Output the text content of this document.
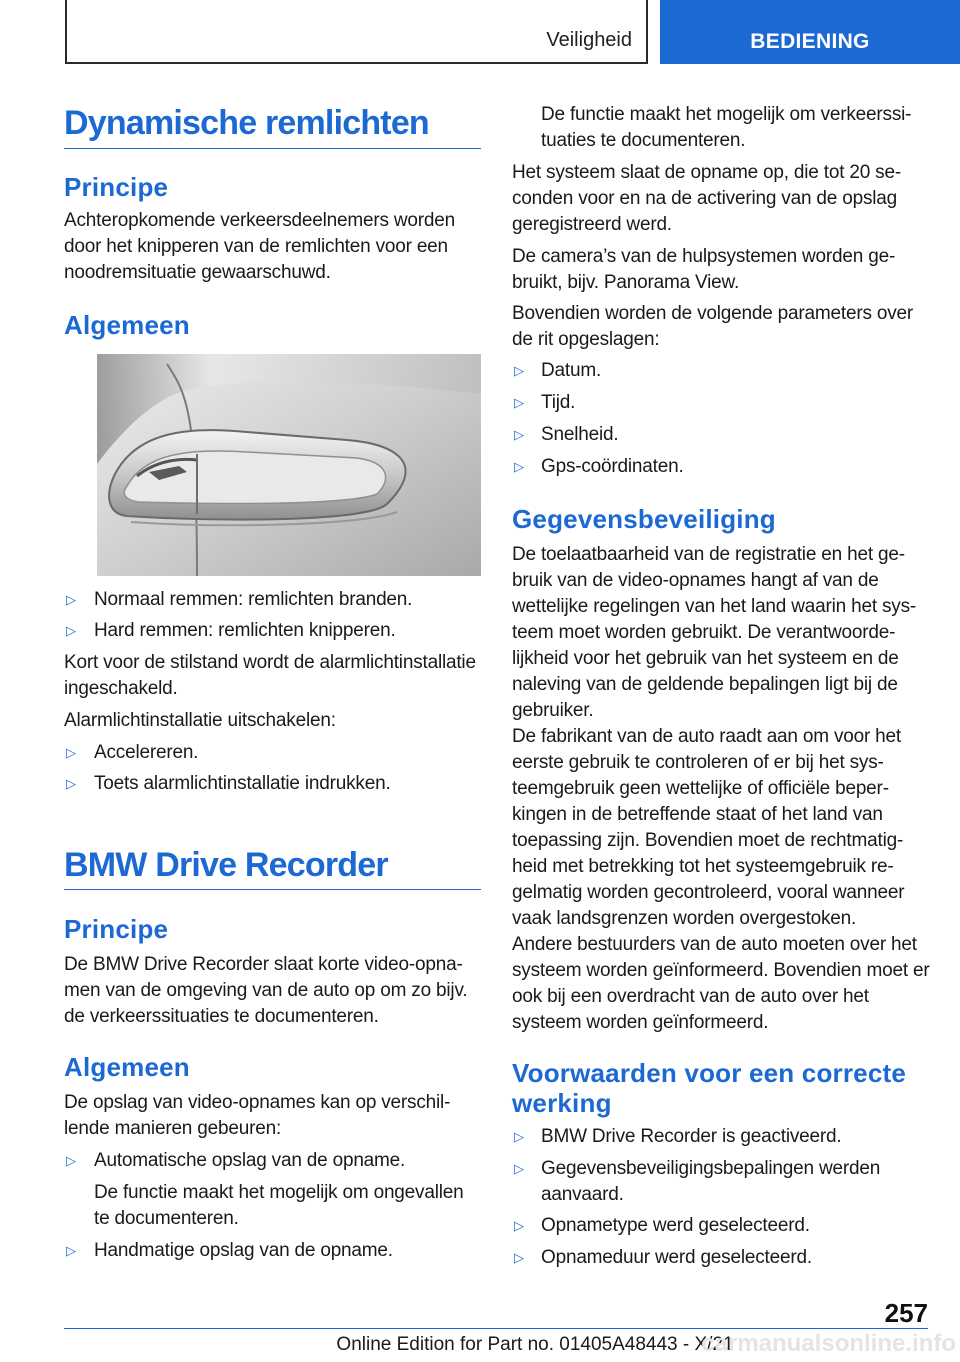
Veiligheid	BEDIENING
Dynamische remlichten
Principe
Achteropkomende verkeersdeelnemers worden door het knipperen van de remlichten voor een noodremsituatie gewaarschuwd.
Algemeen
▷ Normaal remmen: remlichten branden.
▷ Hard remmen: remlichten knipperen.
Kort voor de stilstand wordt de alarmlichtinstallatie ingeschakeld.
Alarmlichtinstallatie uitschakelen:
▷ Accelereren.
▷ Toets alarmlichtinstallatie indrukken.
BMW Drive Recorder
Principe
De BMW Drive Recorder slaat korte video-opnamen van de omgeving van de auto op om zo bijv. de verkeerssituaties te documenteren.
Algemeen
De opslag van video-opnames kan op verschillende manieren gebeuren:
▷ Automatische opslag van de opname.
De functie maakt het mogelijk om ongevallen te documenteren.
▷ Handmatige opslag van de opname.
De functie maakt het mogelijk om verkeerssituaties te documenteren.
Het systeem slaat de opname op, die tot 20 seconden voor en na de activering van de opslag geregistreerd werd.
De camera’s van de hulpsystemen worden gebruikt, bijv. Panorama View.
Bovendien worden de volgende parameters over de rit opgeslagen:
▷ Datum.
▷ Tijd.
▷ Snelheid.
▷ Gps-coördinaten.
Gegevensbeveiliging
De toelaatbaarheid van de registratie en het gebruik van de video-opnames hangt af van de wettelijke regelingen van het land waarin het systeem moet worden gebruikt. De verantwoordelijkheid voor het gebruik van het systeem en de naleving van de geldende bepalingen ligt bij de gebruiker.
De fabrikant van de auto raadt aan om voor het eerste gebruik te controleren of er bij het systeemgebruik geen wettelijke of officiële beperkingen in de betreffende staat of het land van toepassing zijn. Bovendien moet de rechtmatigheid met betrekking tot het systeemgebruik regelmatig worden gecontroleerd, vooral wanneer vaak landsgrenzen worden overgestoken.
Andere bestuurders van de auto moeten over het systeem worden geïnformeerd. Bovendien moet er ook bij een overdracht van de auto over het systeem worden geïnformeerd.
Voorwaarden voor een correcte
werking
▷ BMW Drive Recorder is geactiveerd.
▷ Gegevensbeveiligingsbepalingen werden aanvaard.
▷ Opnametype werd geselecteerd.
▷ Opnameduur werd geselecteerd.
257
Online Edition for Part no. 01405A48443 - X/21
carmanualsonline.info
